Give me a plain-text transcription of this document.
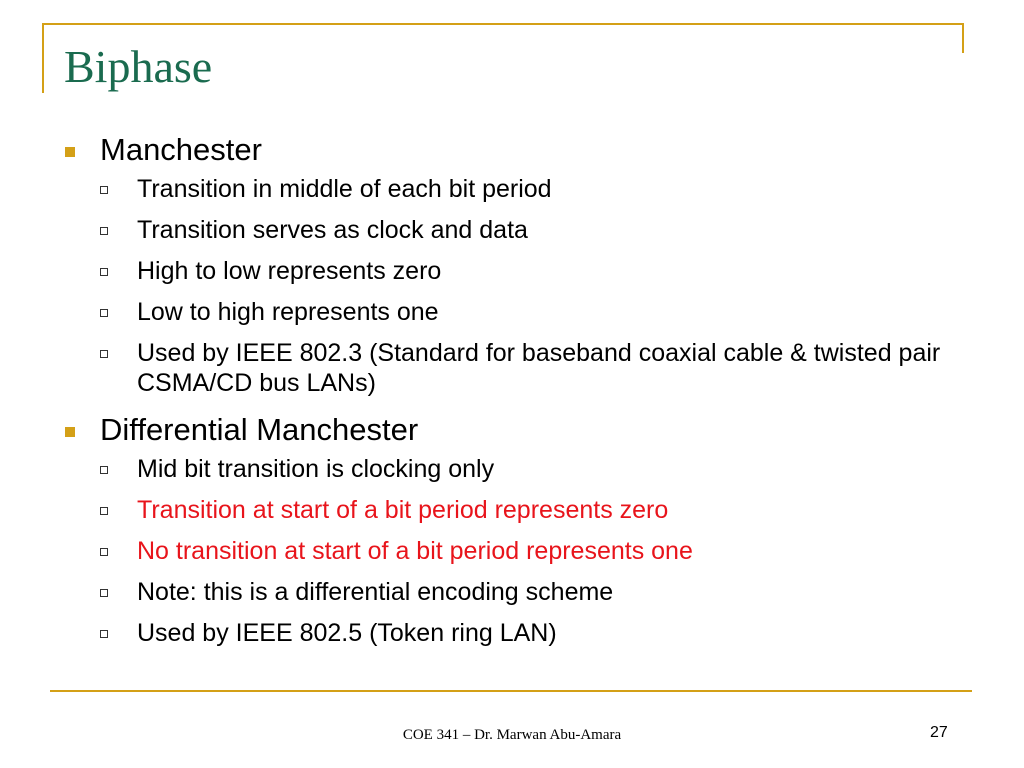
Biphase
Manchester
Transition in middle of each bit period
Transition serves as clock and data
High to low represents zero
Low to high represents one
Used by IEEE 802.3 (Standard for baseband coaxial cable & twisted pair CSMA/CD bus LANs)
Differential Manchester
Mid bit transition is clocking only
Transition at start of a bit period represents zero
No transition at start of a bit period represents one
Note: this is a differential encoding scheme
Used by IEEE 802.5 (Token ring LAN)
COE 341 – Dr. Marwan Abu-Amara	27
